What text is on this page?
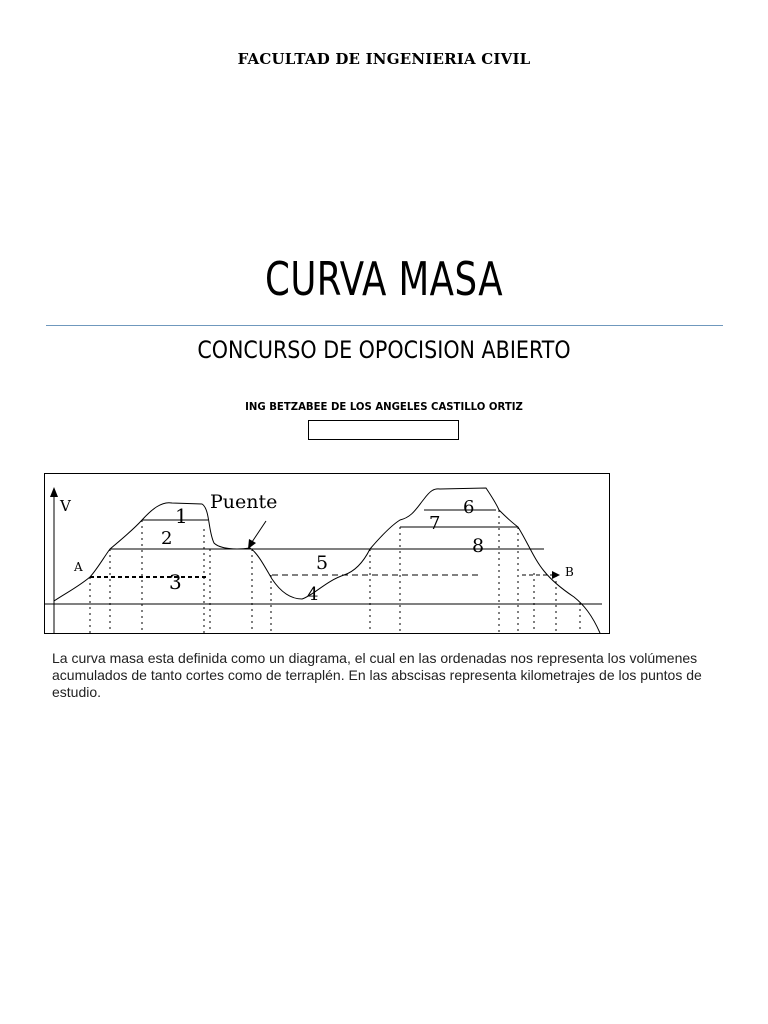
FACULTAD DE INGENIERIA CIVIL
CURVA MASA
CONCURSO DE OPOCISION ABIERTO
ING BETZABEE DE LOS ANGELES CASTILLO ORTIZ
V	Puente
A	B
1
2
3
4
5
6
7
8
La curva masa esta definida como un diagrama, el cual en las ordenadas nos representa los volúmenes acumulados de tanto cortes como de terraplén. En las abscisas representa kilometrajes de los puntos de estudio.
